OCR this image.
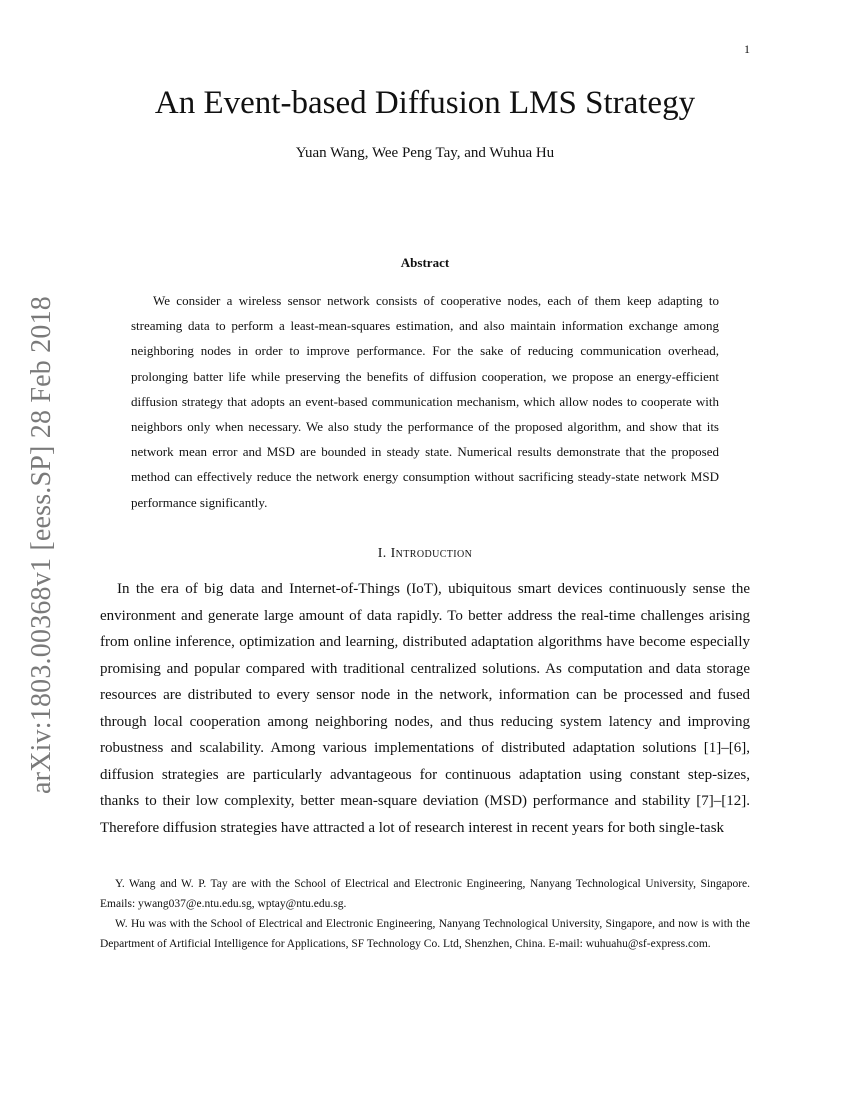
1
arXiv:1803.00368v1 [eess.SP] 28 Feb 2018
An Event-based Diffusion LMS Strategy
Yuan Wang, Wee Peng Tay, and Wuhua Hu
Abstract

We consider a wireless sensor network consists of cooperative nodes, each of them keep adapting to streaming data to perform a least-mean-squares estimation, and also maintain information exchange among neighboring nodes in order to improve performance. For the sake of reducing communication overhead, prolonging batter life while preserving the benefits of diffusion cooperation, we propose an energy-efficient diffusion strategy that adopts an event-based communication mechanism, which allow nodes to cooperate with neighbors only when necessary. We also study the performance of the proposed algorithm, and show that its network mean error and MSD are bounded in steady state. Numerical results demonstrate that the proposed method can effectively reduce the network energy consumption without sacrificing steady-state network MSD performance significantly.

I. Introduction

In the era of big data and Internet-of-Things (IoT), ubiquitous smart devices continuously sense the environment and generate large amount of data rapidly. To better address the real-time challenges arising from online inference, optimization and learning, distributed adaptation algorithms have become especially promising and popular compared with traditional centralized solutions. As computation and data storage resources are distributed to every sensor node in the network, information can be processed and fused through local cooperation among neighboring nodes, and thus reducing system latency and improving robustness and scalability. Among various implementations of distributed adaptation solutions [1]–[6], diffusion strategies are particularly advantageous for continuous adaptation using constant step-sizes, thanks to their low complexity, better mean-square deviation (MSD) performance and stability [7]–[12]. Therefore diffusion strategies have attracted a lot of research interest in recent years for both single-task

Y. Wang and W. P. Tay are with the School of Electrical and Electronic Engineering, Nanyang Technological University, Singapore. Emails: ywang037@e.ntu.edu.sg, wptay@ntu.edu.sg.

W. Hu was with the School of Electrical and Electronic Engineering, Nanyang Technological University, Singapore, and now is with the Department of Artificial Intelligence for Applications, SF Technology Co. Ltd, Shenzhen, China. E-mail: wuhuahu@sf-express.com.
